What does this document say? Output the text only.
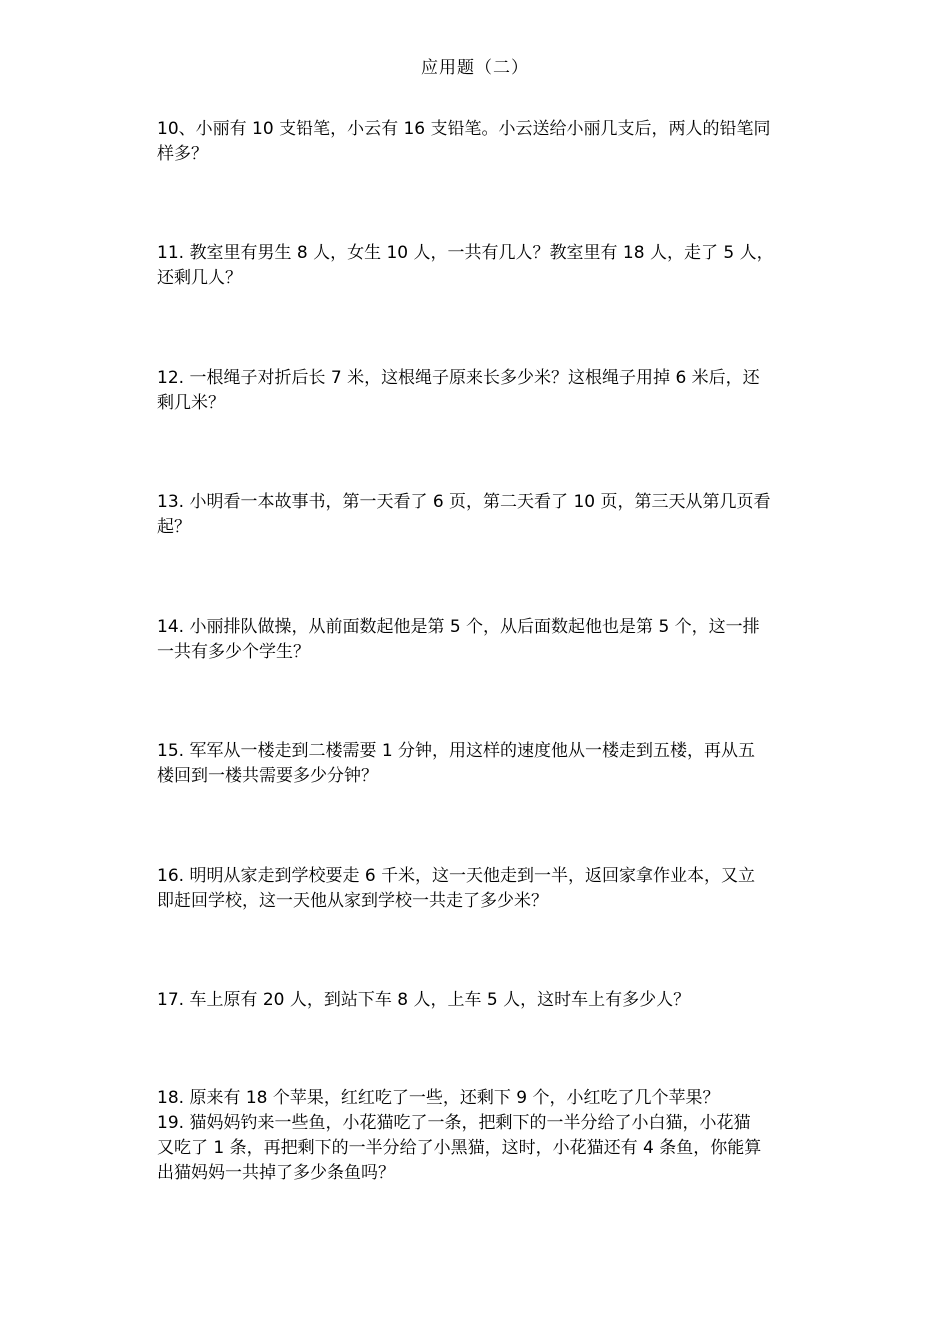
应用题（二）

10、小丽有 10 支铅笔，小云有 16 支铅笔。小云送给小丽几支后，两人的铅笔同
样多？

11. 教室里有男生 8 人，女生 10 人，一共有几人？教室里有 18 人，走了 5 人，
还剩几人？

12. 一根绳子对折后长 7 米，这根绳子原来长多少米？这根绳子用掉 6 米后，还
剩几米？

13. 小明看一本故事书，第一天看了 6 页，第二天看了 10 页，第三天从第几页看
起？

14. 小丽排队做操，从前面数起他是第 5 个，从后面数起他也是第 5 个，这一排
一共有多少个学生？

15. 军军从一楼走到二楼需要 1 分钟，用这样的速度他从一楼走到五楼，再从五
楼回到一楼共需要多少分钟？

16. 明明从家走到学校要走 6 千米，这一天他走到一半，返回家拿作业本，又立
即赶回学校，这一天他从家到学校一共走了多少米？

17. 车上原有 20 人，到站下车 8 人，上车 5 人，这时车上有多少人？

18. 原来有 18 个苹果，红红吃了一些，还剩下 9 个，小红吃了几个苹果？

19. 猫妈妈钓来一些鱼，小花猫吃了一条，把剩下的一半分给了小白猫，小花猫
又吃了 1 条，再把剩下的一半分给了小黑猫，这时，小花猫还有 4 条鱼，你能算
出猫妈妈一共掉了多少条鱼吗？
